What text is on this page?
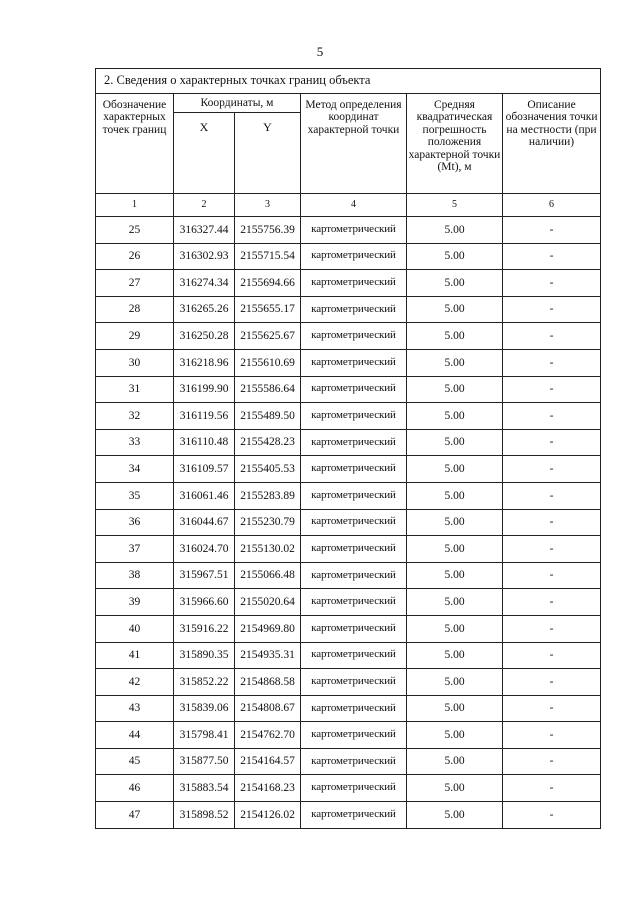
5
2. Сведения о характерных точках границ объекта					
Обозначение характерных точек границ	Координаты, м		Метод определения координат характерной точки	Средняя квадратическая погрешность положения характерной точки (Mt), м	Описание обозначения точки на местности (при наличии)
	X	Y			
1	2	3	4	5	6
25	316327.44	2155756.39	картометрический	5.00	-
26	316302.93	2155715.54	картометрический	5.00	-
27	316274.34	2155694.66	картометрический	5.00	-
28	316265.26	2155655.17	картометрический	5.00	-
29	316250.28	2155625.67	картометрический	5.00	-
30	316218.96	2155610.69	картометрический	5.00	-
31	316199.90	2155586.64	картометрический	5.00	-
32	316119.56	2155489.50	картометрический	5.00	-
33	316110.48	2155428.23	картометрический	5.00	-
34	316109.57	2155405.53	картометрический	5.00	-
35	316061.46	2155283.89	картометрический	5.00	-
36	316044.67	2155230.79	картометрический	5.00	-
37	316024.70	2155130.02	картометрический	5.00	-
38	315967.51	2155066.48	картометрический	5.00	-
39	315966.60	2155020.64	картометрический	5.00	-
40	315916.22	2154969.80	картометрический	5.00	-
41	315890.35	2154935.31	картометрический	5.00	-
42	315852.22	2154868.58	картометрический	5.00	-
43	315839.06	2154808.67	картометрический	5.00	-
44	315798.41	2154762.70	картометрический	5.00	-
45	315877.50	2154164.57	картометрический	5.00	-
46	315883.54	2154168.23	картометрический	5.00	-
47	315898.52	2154126.02	картометрический	5.00	-
